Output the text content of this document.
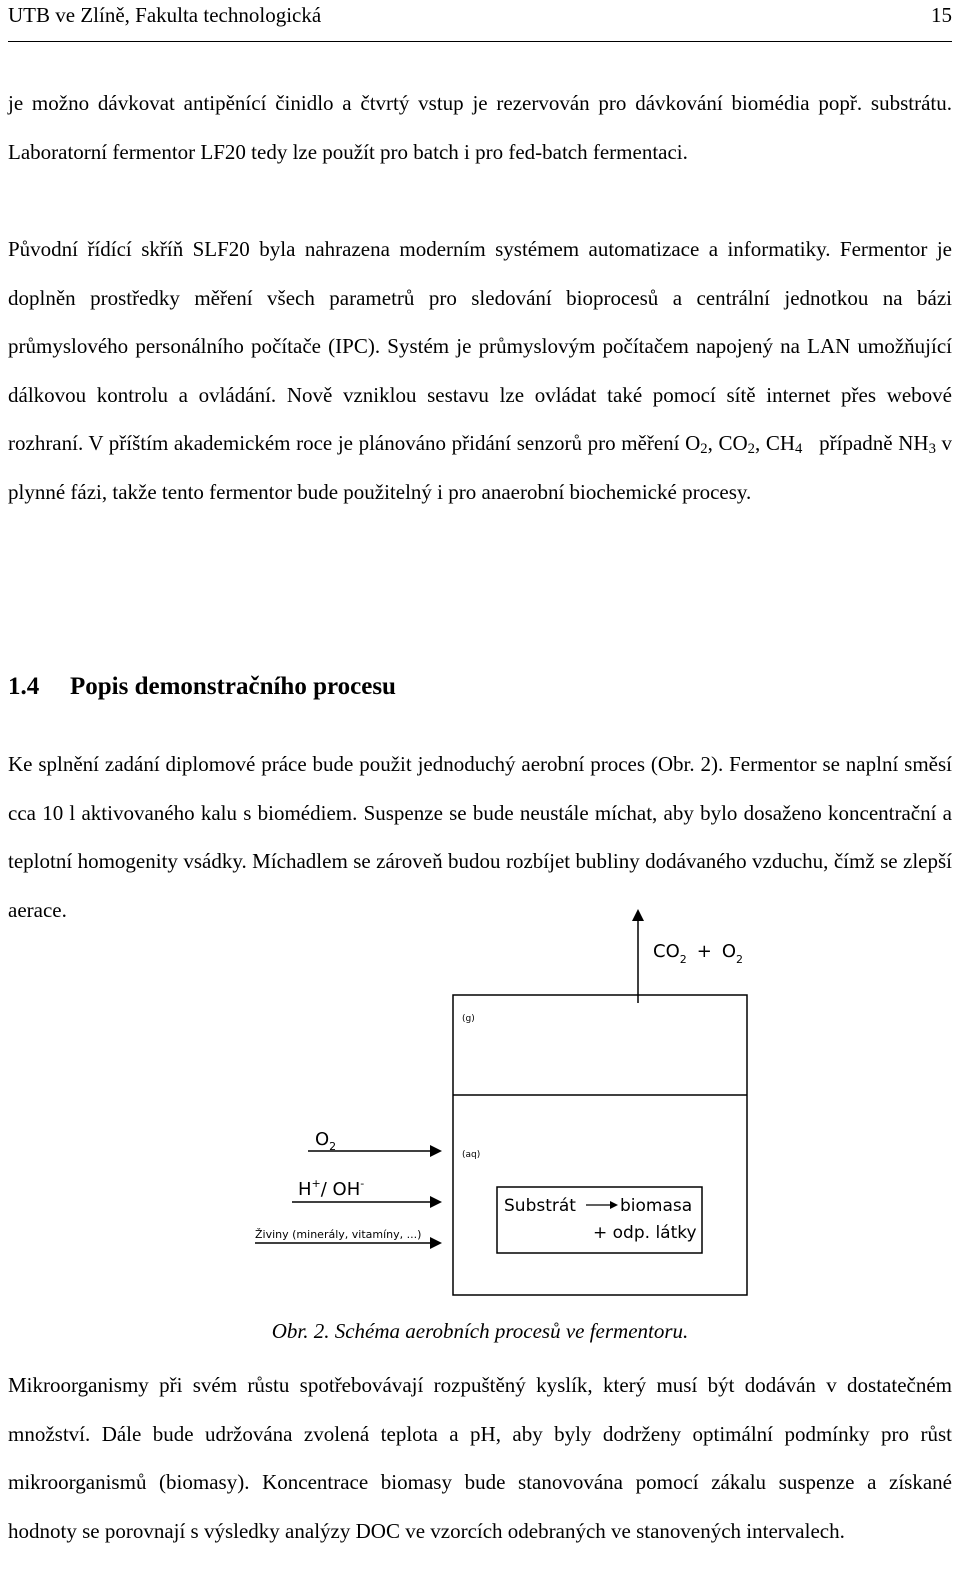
UTB ve Zlíně, Fakulta technologická	15

je možno dávkovat antipěnící činidlo a čtvrtý vstup je rezervován pro dávkování biomédia popř. substrátu. Laboratorní fermentor LF20 tedy lze použít pro batch i pro fed-batch fermentaci.

Původní řídící skříň SLF20 byla nahrazena moderním systémem automatizace a informatiky. Fermentor je doplněn prostředky měření všech parametrů pro sledování bioprocesů a centrální jednotkou na bázi průmyslového personálního počítače (IPC). Systém je průmyslovým počítačem napojený na LAN umožňující dálkovou kontrolu a ovládání. Nově vzniklou sestavu lze ovládat také pomocí sítě internet přes webové rozhraní. V příštím akademickém roce je plánováno přidání senzorů pro měření $O_2$, $CO_2$, $CH_4$ případně $NH_3$ v plynné fázi, takže tento fermentor bude použitelný i pro anaerobní biochemické procesy.

1.4 Popis demonstračního procesu

Ke splnění zadání diplomové práce bude použit jednoduchý aerobní proces (Obr. 2). Fermentor se naplní směsí cca 10 l aktivovaného kalu s biomédiem. Suspenze se bude neustále míchat, aby bylo dosaženo koncentrační a teplotní homogenity vsádky. Míchadlem se zároveň budou rozbíjet bubliny dodávaného vzduchu, čímž se zlepší aerace.

$CO_2 + O_2$
(g)
(aq)
$O_2$
H+/ OH-
Živiny (minerály, vitamíny, ...)
Substrát	biomasa
+ odp. látky
Obr. 2. Schéma aerobních procesů ve fermentoru.

Mikroorganismy při svém růstu spotřebovávají rozpuštěný kyslík, který musí být dodáván v dostatečném množství. Dále bude udržována zvolená teplota a pH, aby byly dodrženy optimální podmínky pro růst mikroorganismů (biomasy). Koncentrace biomasy bude stanovována pomocí zákalu suspenze a získané hodnoty se porovnají s výsledky analýzy DOC ve vzorcích odebraných ve stanovených intervalech.
